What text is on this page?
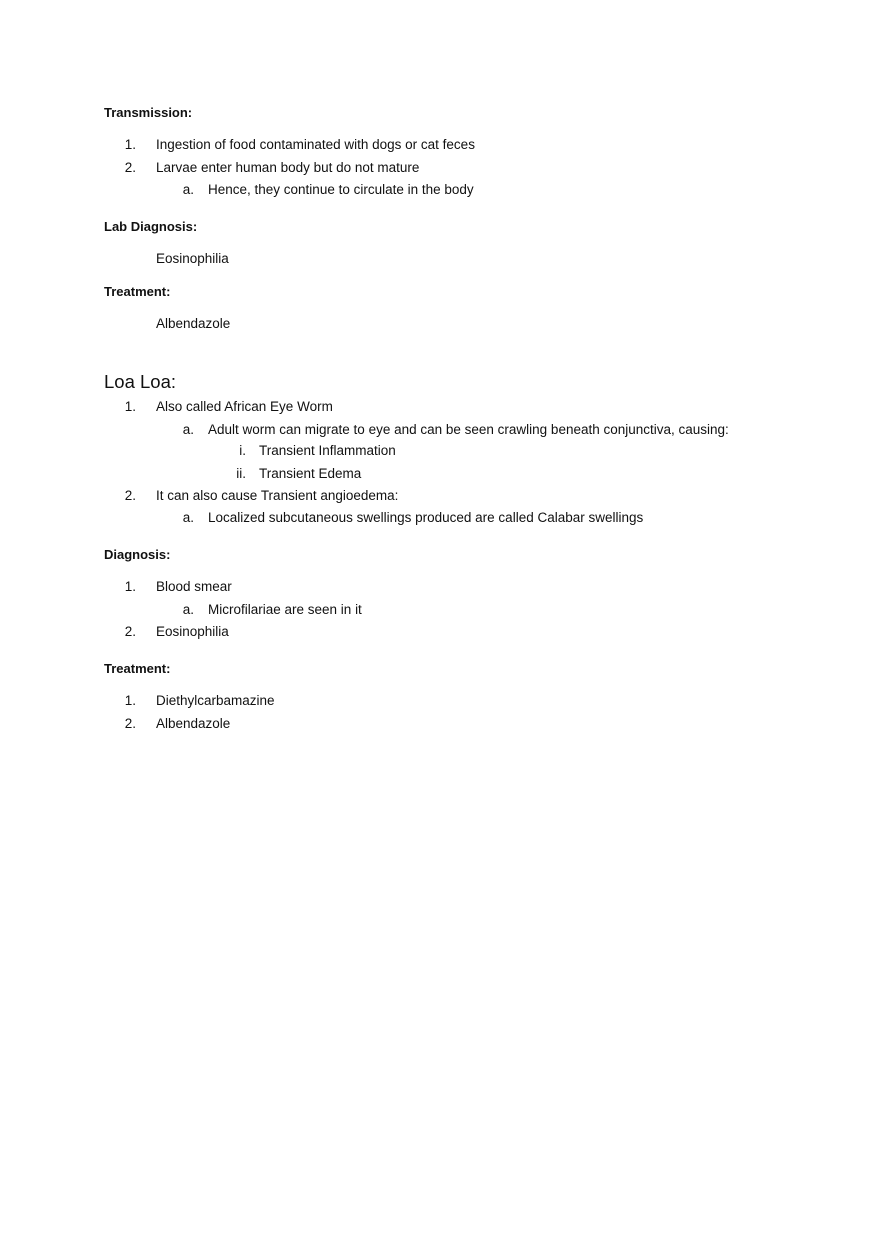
Transmission:
1. Ingestion of food contaminated with dogs or cat feces
2. Larvae enter human body but do not mature
a. Hence, they continue to circulate in the body
Lab Diagnosis:
Eosinophilia
Treatment:
Albendazole
Loa Loa:
1. Also called African Eye Worm
a. Adult worm can migrate to eye and can be seen crawling beneath conjunctiva, causing:
i. Transient Inflammation
ii. Transient Edema
2. It can also cause Transient angioedema:
a. Localized subcutaneous swellings produced are called Calabar swellings
Diagnosis:
1. Blood smear
a. Microfilariae are seen in it
2. Eosinophilia
Treatment:
1. Diethylcarbamazine
2. Albendazole
